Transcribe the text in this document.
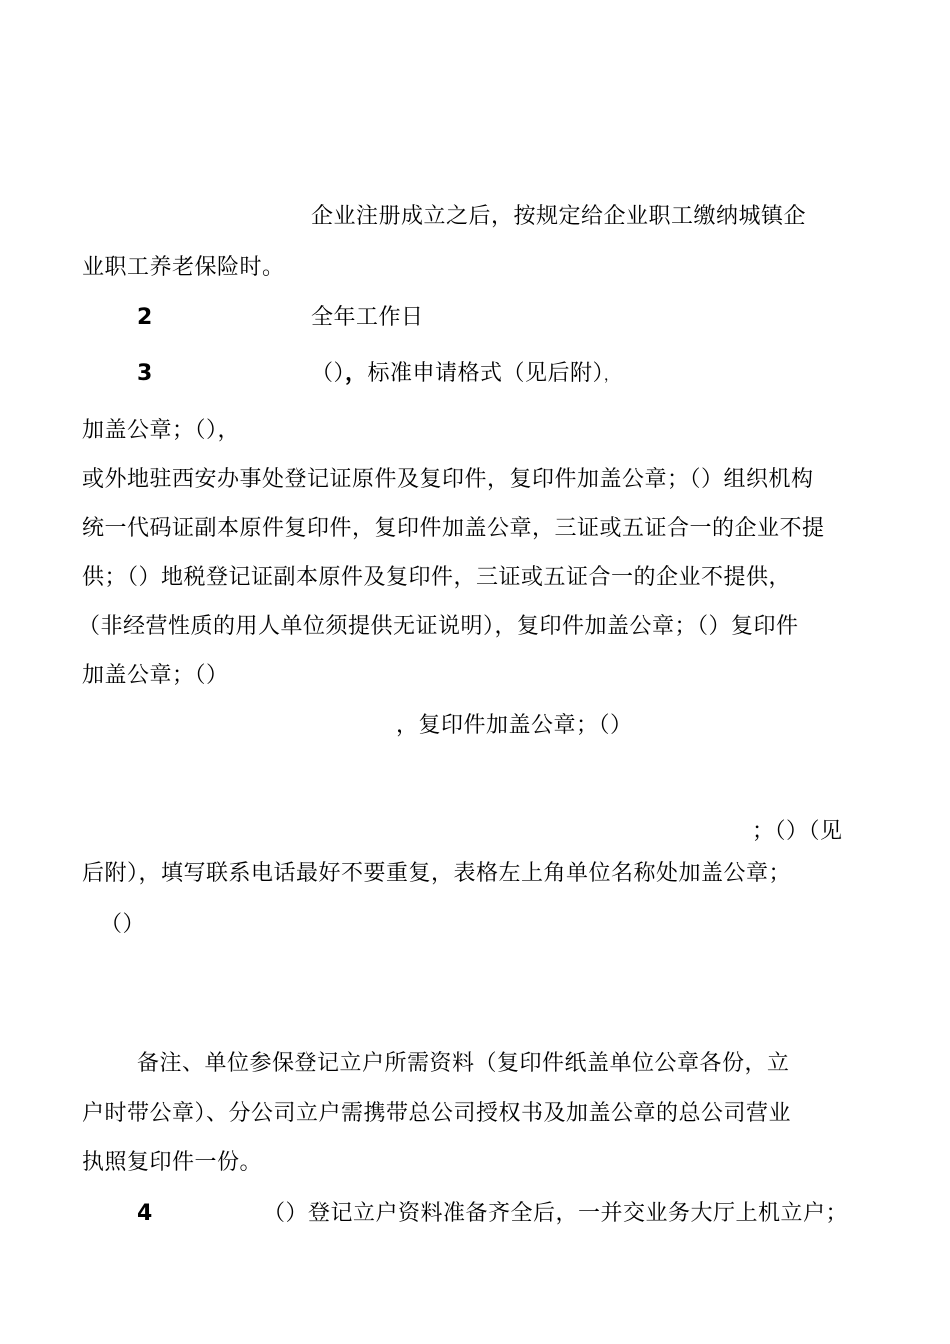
企业注册成立之后，按规定给企业职工缴纳城镇企
业职工养老保险时。
2	全年工作日
3	（），标准申请格式（见后附），
加盖公章；（），
或外地驻西安办事处登记证原件及复印件，复印件加盖公章；（）组织机构
统一代码证副本原件复印件，复印件加盖公章，三证或五证合一的企业不提
供；（）地税登记证副本原件及复印件，三证或五证合一的企业不提供，
（非经营性质的用人单位须提供无证说明），复印件加盖公章；（）复印件
加盖公章；（）
，复印件加盖公章；（）
；（）（见
后附），填写联系电话最好不要重复，表格左上角单位名称处加盖公章；
（）
备注、单位参保登记立户所需资料（复印件纸盖单位公章各份，立
户时带公章）、分公司立户需携带总公司授权书及加盖公章的总公司营业
执照复印件一份。
4	（）登记立户资料准备齐全后，一并交业务大厅上机立户；
